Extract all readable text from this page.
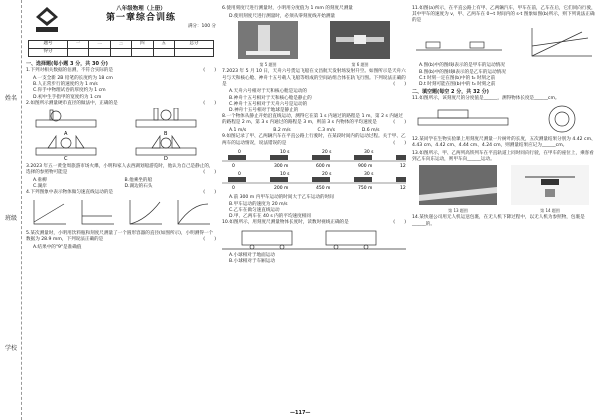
姓名
班级
学校
八年级物理（上册）
第一章综合训练
满分：100 分
题号	一	二	三	四	五	总分
得分						
一、选择题(每小题 3 分，共 30 分)
1.下列对相关数据的估测，不符合实际的是	(　　)
A.一支全新 2B 铅笔的长度约为 18 cm
B.人正常步行的速度约为 1 m/s
C.你手中物理试卷的厚度约为 1 cm
D.初中生手指甲的宽度约为 1 cm
2.如图所示测量硬币直径的做法中，正确的是	(　　)
A	B
C	D
3.2023 年五一黄金周旅游市场火爆，小明和家人去西湖划船游览时，他认为自己是静止的，选择的参照物可能是	(　　)
A.垂柳	B.他乘坐的船
C.湖岸	D.湖边的石头
4.下列图象中表示物体做匀速直线运动的是	(　　)
5.某次测量时，小明用饮料瓶和刻度尺测量了一个圆形容器的直径(如图所示)，小明测得一个数据为 28.9 mm，下列说法正确的是	(　　)
A.结果中的"9"是准确值
6.使用刻度尺进行测量时，小明用分度值为 1 mm 的刻度尺测量
D.使用刻度尺进行测量时，必须从零刻度线开始测量
第 5 题图	第 6 题图
7.2023 年 5 月 10 日，天舟六号货运飞船在文昌航天发射场发射升空。如图所示是天舟六号与天和核心舱、神舟十五号载人飞船等组成的空间站组合体在轨飞行图。下列说法正确的是	(　　)
A.天舟六号相对于天和核心舱是运动的
B.神舟十五号相对于天和核心舱是静止的
C.神舟十五号相对于天舟六号是运动的
D.神舟十五号相对于地球是静止的
8.一个物体从静止开始沿直线运动，测得它在第 1 s 内通过的路程是 1 m，第 2 s 内通过的路程是 2 m，第 3 s 内通过的路程是 3 m，则前 3 s 内物体的平均速度是	(　　)
A.1 m/s	B.2 m/s	C.3 m/s	D.6 m/s
9.如图记录了甲、乙两辆汽车在平直公路上行驶时，在某段时间内的运动过程。关于甲、乙两车的运动情况，说法错误的是	(　　)
0
0
10 s
300 m
20 s
600 m
30 s
900 m	12
0
0
10 s
200 m
20 s
450 m
30 s
750 m	12
A.前 300 m 内甲车运动的时间大于乙车运动的时间
B.甲车运动的速度为 20 m/s
C.乙车在做匀速直线运动
D.甲、乙两车在 40 s 内的平均速度相同
10.如图所示，用刻度尺测量物体长度时，读数时视线正确的是	(　　)
A.小球相对于地面运动
B.小球相对于车厢运动
11.如图(a)所示，在平直公路上有甲、乙两辆汽车，甲车在前，乙车在后，它们同向行驶，其中甲车的速度为 v，甲、乙两车在 0~t 时间内的 s-t 图象如图(b)所示，则下列说法正确的是
A.图(b)中的图线Ⅰ表示的是甲车的运动情况
B.图(b)中的图线Ⅱ表示的是乙车的运动情况
C.t 时刻一定在图(b)中的 t₀ 时刻之前
D.t 时刻可能在图(b)中的 t₀ 时刻之前
二、填空题(每空 2 分，共 32 分)
11.如图所示，该刻度尺的分度值是______，测得物体长度是______cm。
12.某同学在生物实验课上用刻度尺测量一片树叶的长度，五次测量结果分别为 4.42 cm、4.43 cm、4.42 cm、4.44 cm、4.24 cm，则测量结果应记为______cm。
13.如图所示，甲、乙两列高铁列车在平直轨道上同时同向行驶，在甲车的座位上，乘客看到乙车向东运动，则甲车向______运动。
第 13 题图	第 14 题图
14.某快递公司用无人机运送包裹，在无人机下降过程中，以无人机为参照物，包裹是______的。
—117—
